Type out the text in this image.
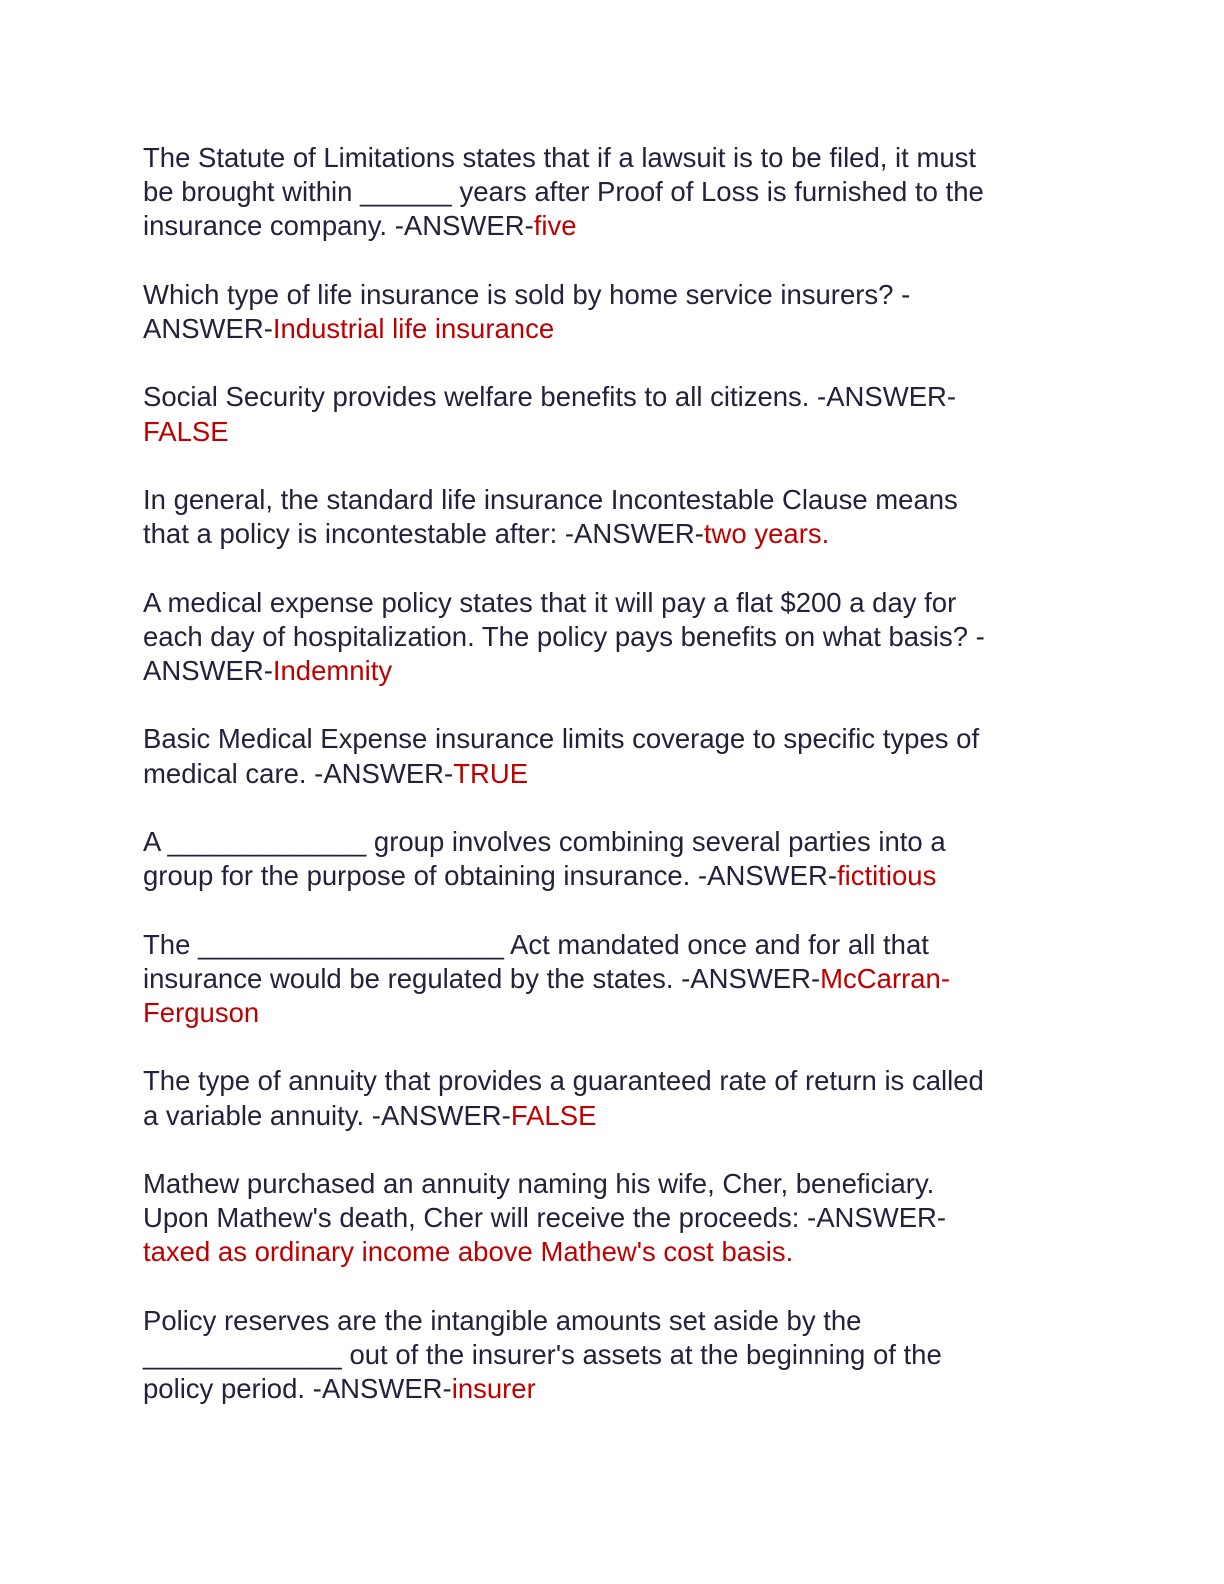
The Statute of Limitations states that if a lawsuit is to be filed, it must
be brought within ______ years after Proof of Loss is furnished to the
insurance company. -ANSWER-five
Which type of life insurance is sold by home service insurers? -
ANSWER-Industrial life insurance
Social Security provides welfare benefits to all citizens. -ANSWER-
FALSE
In general, the standard life insurance Incontestable Clause means
that a policy is incontestable after: -ANSWER-two years.
A medical expense policy states that it will pay a flat $200 a day for
each day of hospitalization. The policy pays benefits on what basis? -
ANSWER-Indemnity
Basic Medical Expense insurance limits coverage to specific types of
medical care. -ANSWER-TRUE
A _____________ group involves combining several parties into a
group for the purpose of obtaining insurance. -ANSWER-fictitious
The ____________________ Act mandated once and for all that
insurance would be regulated by the states. -ANSWER-McCarran-
Ferguson
The type of annuity that provides a guaranteed rate of return is called
a variable annuity. -ANSWER-FALSE
Mathew purchased an annuity naming his wife, Cher, beneficiary.
Upon Mathew's death, Cher will receive the proceeds: -ANSWER-
taxed as ordinary income above Mathew's cost basis.
Policy reserves are the intangible amounts set aside by the
_____________ out of the insurer's assets at the beginning of the
policy period. -ANSWER-insurer
